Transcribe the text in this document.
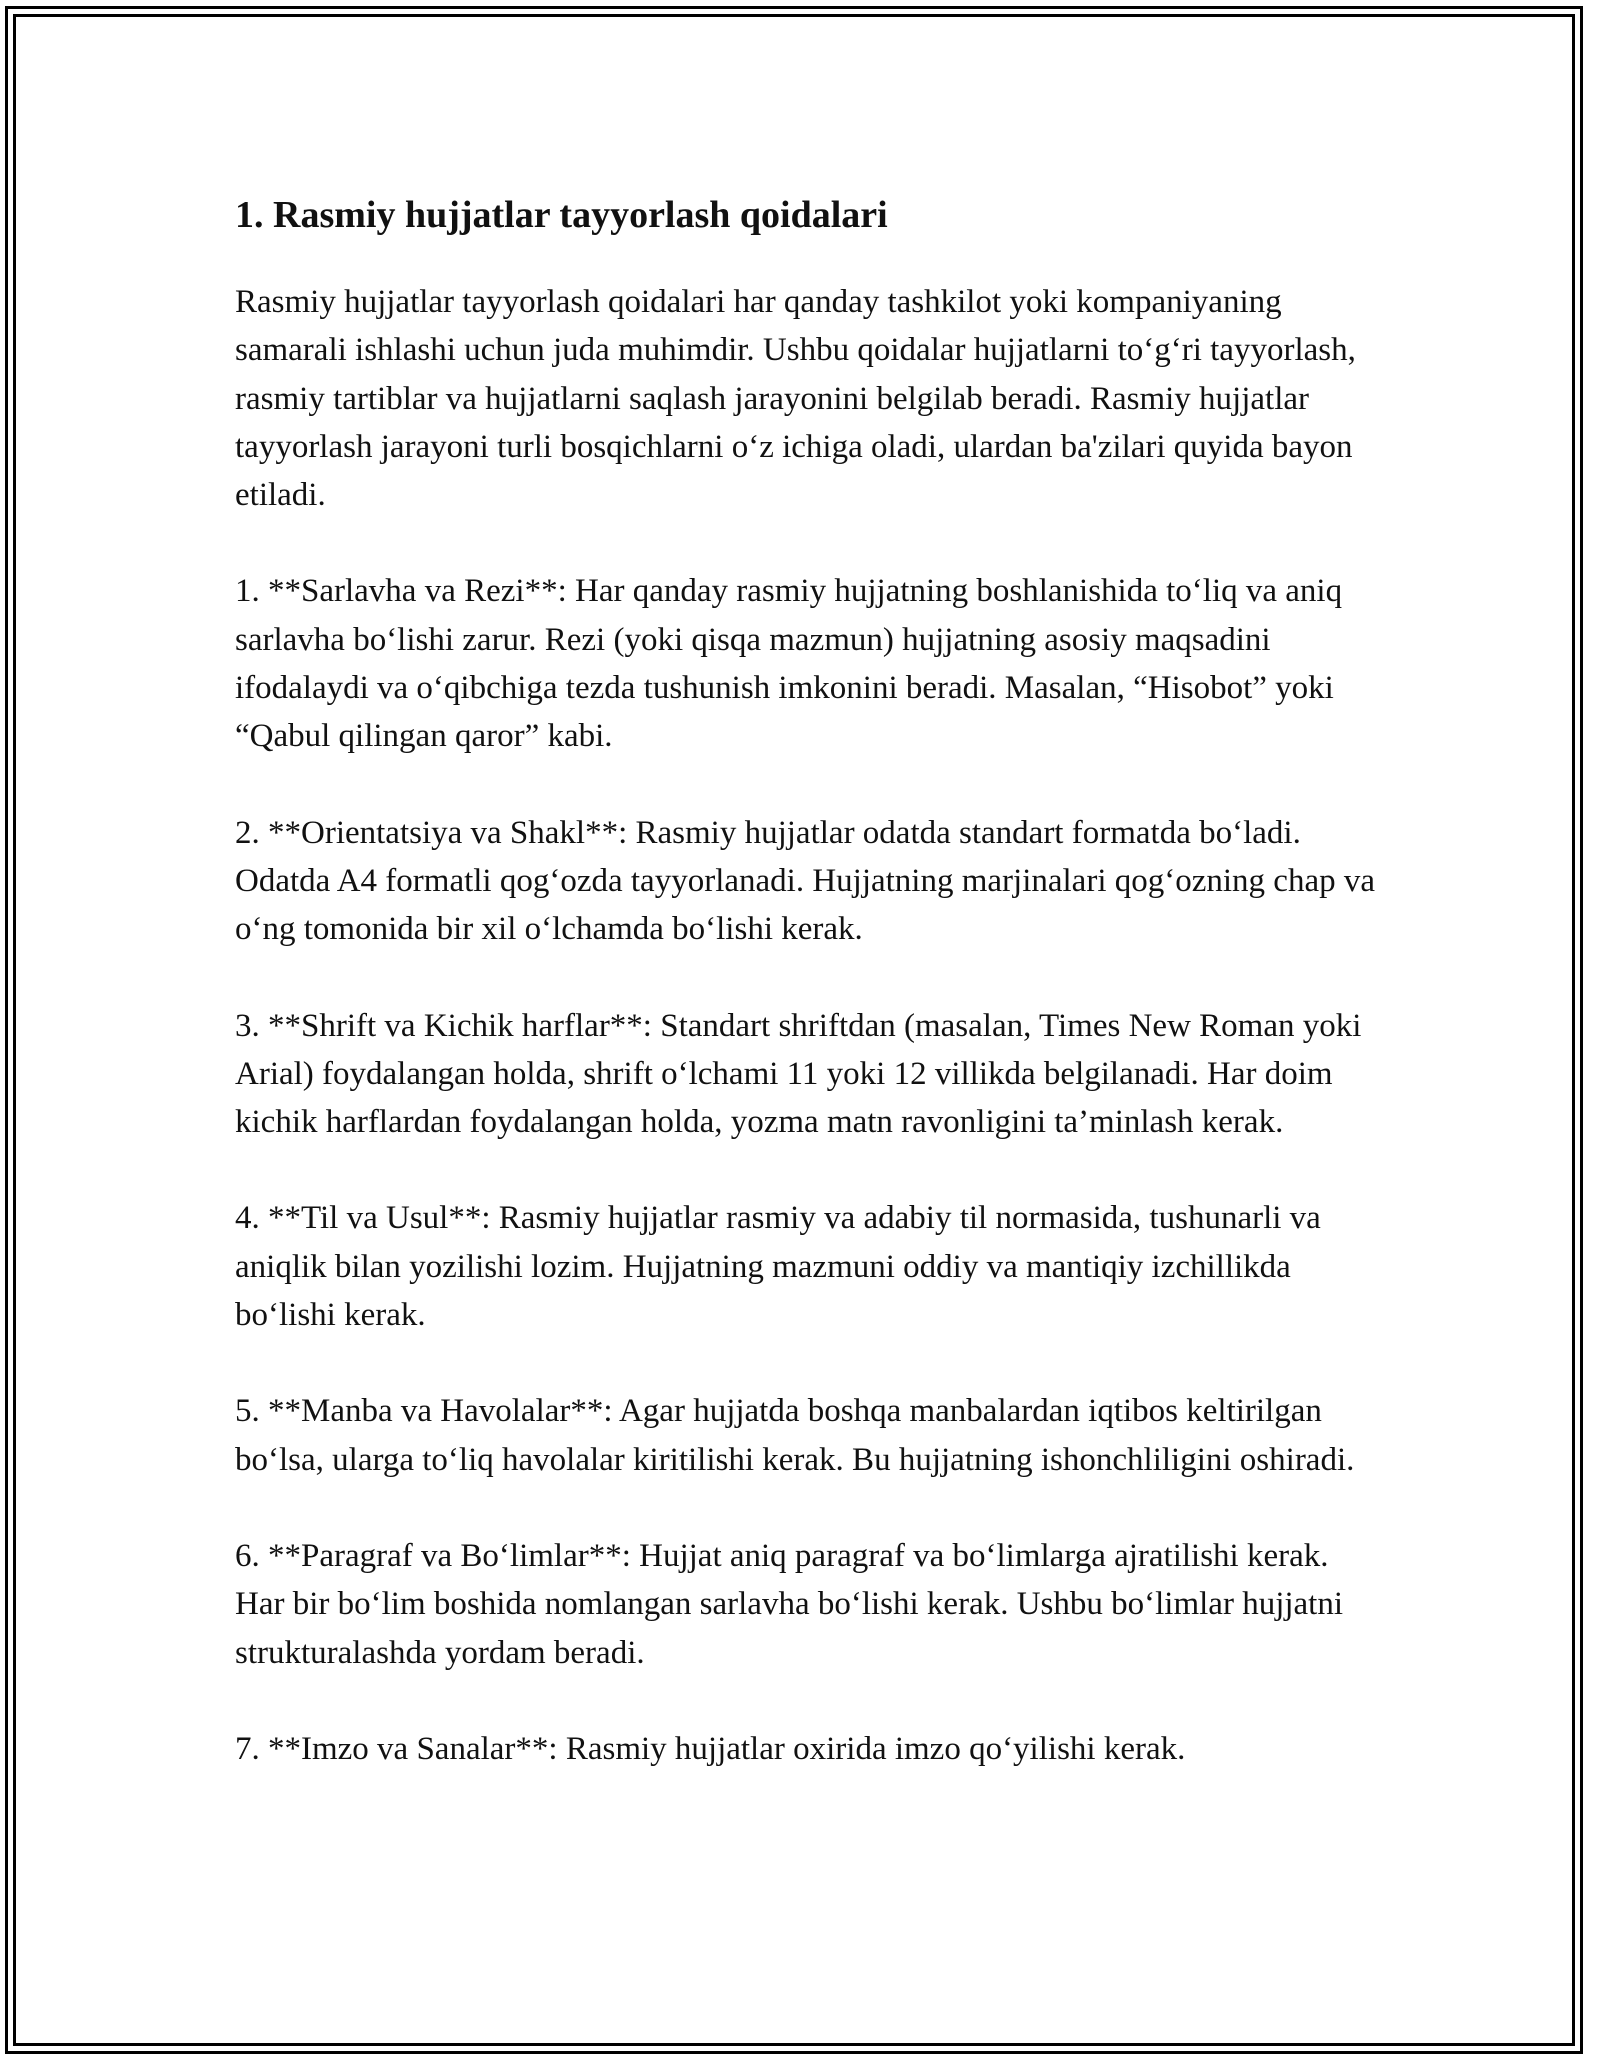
1. Rasmiy hujjatlar tayyorlash qoidalari

Rasmiy hujjatlar tayyorlash qoidalari har qanday tashkilot yoki kompaniyaning samarali ishlashi uchun juda muhimdir. Ushbu qoidalar hujjatlarni to‘g‘ri tayyorlash, rasmiy tartiblar va hujjatlarni saqlash jarayonini belgilab beradi. Rasmiy hujjatlar tayyorlash jarayoni turli bosqichlarni o‘z ichiga oladi, ulardan ba'zilari quyida bayon etiladi.

1. **Sarlavha va Rezi**: Har qanday rasmiy hujjatning boshlanishida to‘liq va aniq sarlavha bo‘lishi zarur. Rezi (yoki qisqa mazmun) hujjatning asosiy maqsadini ifodalaydi va o‘qibchiga tezda tushunish imkonini beradi. Masalan, “Hisobot” yoki “Qabul qilingan qaror” kabi.

2. **Orientatsiya va Shakl**: Rasmiy hujjatlar odatda standart formatda bo‘ladi. Odatda A4 formatli qog‘ozda tayyorlanadi. Hujjatning marjinalari qog‘ozning chap va o‘ng tomonida bir xil o‘lchamda bo‘lishi kerak.

3. **Shrift va Kichik harflar**: Standart shriftdan (masalan, Times New Roman yoki Arial) foydalangan holda, shrift o‘lchami 11 yoki 12 villikda belgilanadi. Har doim kichik harflardan foydalangan holda, yozma matn ravonligini ta’minlash kerak.

4. **Til va Usul**: Rasmiy hujjatlar rasmiy va adabiy til normasida, tushunarli va aniqlik bilan yozilishi lozim. Hujjatning mazmuni oddiy va mantiqiy izchillikda bo‘lishi kerak.

5. **Manba va Havolalar**: Agar hujjatda boshqa manbalardan iqtibos keltirilgan bo‘lsa, ularga to‘liq havolalar kiritilishi kerak. Bu hujjatning ishonchliligini oshiradi.

6. **Paragraf va Bo‘limlar**: Hujjat aniq paragraf va bo‘limlarga ajratilishi kerak. Har bir bo‘lim boshida nomlangan sarlavha bo‘lishi kerak. Ushbu bo‘limlar hujjatni strukturalashda yordam beradi.

7. **Imzo va Sanalar**: Rasmiy hujjatlar oxirida imzo qo‘yilishi kerak.
